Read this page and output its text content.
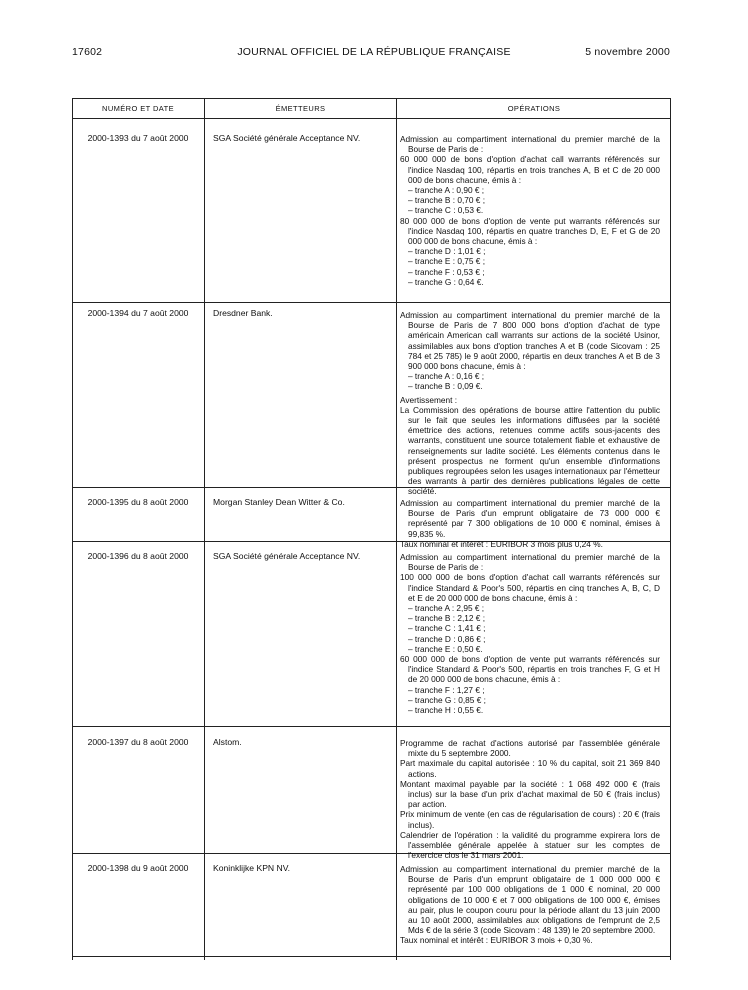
17602	JOURNAL OFFICIEL DE LA RÉPUBLIQUE FRANÇAISE	5 novembre 2000
NUMÉRO ET DATE	ÉMETTEURS	OPÉRATIONS
2000-1393 du 7 août 2000	SGA Société générale Acceptance NV.	Admission au compartiment international du premier marché de la Bourse de Paris de :

60 000 000 de bons d'option d'achat call warrants référencés sur l'indice Nasdaq 100, répartis en trois tranches A, B et C de 20 000 000 de bons chacune, émis à :

– tranche A : 0,90 € ;

– tranche B : 0,70 € ;

– tranche C : 0,53 €.

80 000 000 de bons d'option de vente put warrants référencés sur l'indice Nasdaq 100, répartis en quatre tranches D, E, F et G de 20 000 000 de bons chacune, émis à :

– tranche D : 1,01 € ;

– tranche E : 0,75 € ;

– tranche F : 0,53 € ;

– tranche G : 0,64 €.

2000-1394 du 7 août 2000	Dresdner Bank.	Admission au compartiment international du premier marché de la Bourse de Paris de 7 800 000 bons d'option d'achat de type américain American call warrants sur actions de la société Usinor, assimilables aux bons d'option tranches A et B (code Sicovam : 25 784 et 25 785) le 9 août 2000, répartis en deux tranches A et B de 3 900 000 bons chacune, émis à :

– tranche A : 0,16 € ;

– tranche B : 0,09 €.

Avertissement :

La Commission des opérations de bourse attire l'attention du public sur le fait que seules les informations diffusées par la société émettrice des actions, retenues comme actifs sous-jacents des warrants, constituent une source totalement fiable et exhaustive de renseignements sur ladite société. Les éléments contenus dans le présent prospectus ne forment qu'un ensemble d'informations publiques regroupées selon les usages internationaux par l'émetteur des warrants à partir des dernières publications légales de cette société.

2000-1395 du 8 août 2000	Morgan Stanley Dean Witter & Co.	Admission au compartiment international du premier marché de la Bourse de Paris d'un emprunt obligataire de 73 000 000 € représenté par 7 300 obligations de 10 000 € nominal, émises à 99,835 %.

Taux nominal et intérêt : EURIBOR 3 mois plus 0,24 %.

2000-1396 du 8 août 2000	SGA Société générale Acceptance NV.	Admission au compartiment international du premier marché de la Bourse de Paris de :

100 000 000 de bons d'option d'achat call warrants référencés sur l'indice Standard & Poor's 500, répartis en cinq tranches A, B, C, D et E de 20 000 000 de bons chacune, émis à :

– tranche A : 2,95 € ;

– tranche B : 2,12 € ;

– tranche C : 1,41 € ;

– tranche D : 0,86 € ;

– tranche E : 0,50 €.

60 000 000 de bons d'option de vente put warrants référencés sur l'indice Standard & Poor's 500, répartis en trois tranches F, G et H de 20 000 000 de bons chacune, émis à :

– tranche F : 1,27 € ;

– tranche G : 0,85 € ;

– tranche H : 0,55 €.

2000-1397 du 8 août 2000	Alstom.	Programme de rachat d'actions autorisé par l'assemblée générale mixte du 5 septembre 2000.

Part maximale du capital autorisée : 10 % du capital, soit 21 369 840 actions.

Montant maximal payable par la société : 1 068 492 000 € (frais inclus) sur la base d'un prix d'achat maximal de 50 € (frais inclus) par action.

Prix minimum de vente (en cas de régularisation de cours) : 20 € (frais inclus).

Calendrier de l'opération : la validité du programme expirera lors de l'assemblée générale appelée à statuer sur les comptes de l'exercice clos le 31 mars 2001.

2000-1398 du 9 août 2000	Koninklijke KPN NV.	Admission au compartiment international du premier marché de la Bourse de Paris d'un emprunt obligataire de 1 000 000 000 € représenté par 100 000 obligations de 1 000 € nominal, 20 000 obligations de 10 000 € et 7 000 obligations de 100 000 €, émises au pair, plus le coupon couru pour la période allant du 13 juin 2000 au 10 août 2000, assimilables aux obligations de l'emprunt de 2,5 Mds € de la série 3 (code Sicovam : 48 139) le 20 septembre 2000.

Taux nominal et intérêt : EURIBOR 3 mois + 0,30 %.
